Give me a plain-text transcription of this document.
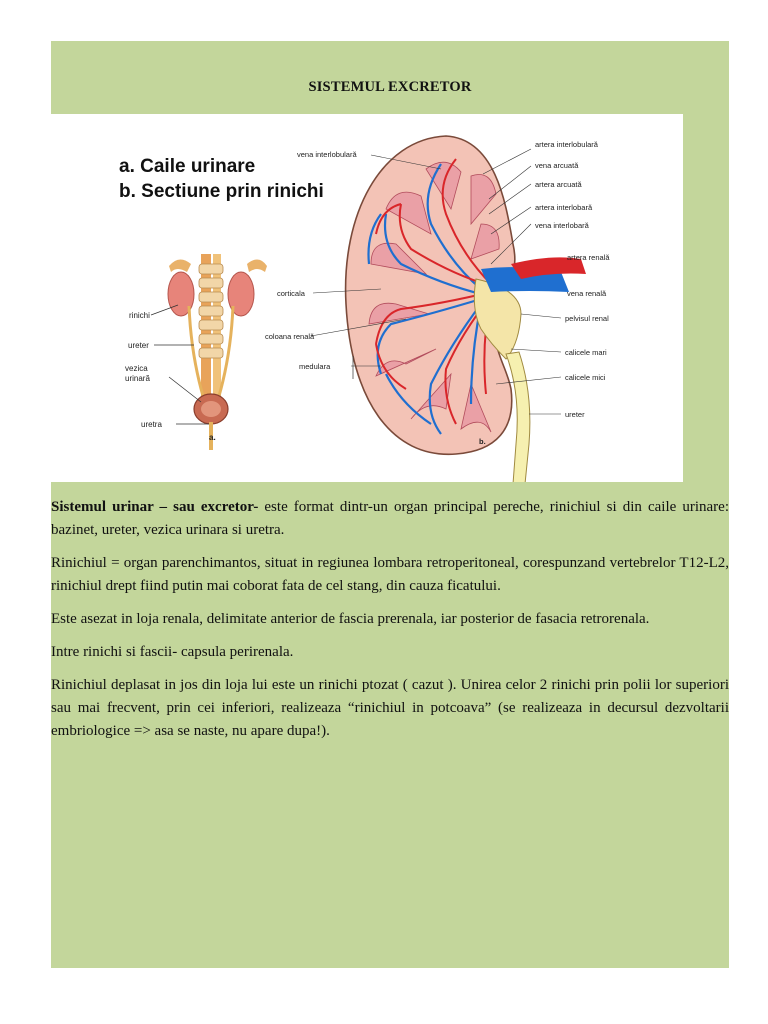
SISTEMUL EXCRETOR
a. Caile urinare
b. Sectiune prin rinichi
rinichi
ureter
vezica
urinară
uretra
a.
vena interlobulară
artera interlobulară
vena arcuată
artera arcuată
artera interlobară
vena interlobară
artera renală
corticala	vena renală
pelvisul renal
coloana renală
calicele mari
medulara
calicele mici
ureter
b.

Sistemul urinar – sau excretor- este format dintr-un organ principal pereche, rinichiul si din caile urinare: bazinet, ureter, vezica urinara si uretra.

Rinichiul = organ parenchimantos, situat in regiunea lombara retroperitoneal, corespunzand vertebrelor T12-L2, rinichiul drept fiind putin mai coborat fata de cel stang, din cauza ficatului.

Este asezat in loja renala, delimitate anterior de fascia prerenala, iar posterior de fasacia retrorenala.

Intre rinichi si fascii- capsula perirenala.

Rinichiul deplasat in jos din loja lui este un rinichi ptozat ( cazut ). Unirea celor 2 rinichi prin polii lor superiori sau mai frecvent, prin cei inferiori, realizeaza “rinichiul in potcoava” (se realizeaza in decursul dezvoltarii embriologice => asa se naste, nu apare dupa!).
